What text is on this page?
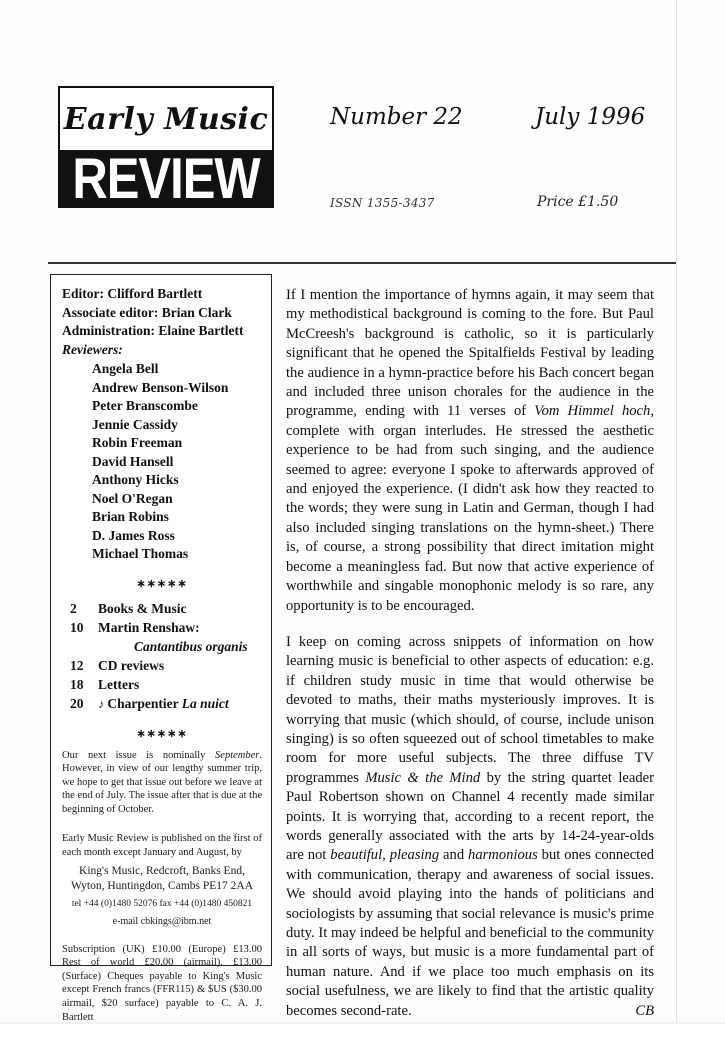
Early Music
REVIEW
Number 22	July 1996
ISSN 1355-3437	Price £1.50
Editor: Clifford Bartlett
Associate editor: Brian Clark
Administration: Elaine Bartlett
Reviewers:
Angela Bell
Andrew Benson-Wilson
Peter Branscombe
Jennie Cassidy
Robin Freeman
David Hansell
Anthony Hicks
Noel O'Regan
Brian Robins
D. James Ross
Michael Thomas
∗∗∗∗∗
2	Books & Music
10	Martin Renshaw:
Cantantibus organis
12	CD reviews
18	Letters
20	♪ Charpentier La nuict
∗∗∗∗∗
Our next issue is nominally September. However, in view of our lengthy summer trip, we hope to get that issue out before we leave at the end of July. The issue after that is due at the beginning of October.
Early Music Review is published on the first of each month except January and August, by
King's Music, Redcroft, Banks End, Wyton, Huntingdon, Cambs PE17 2AA
tel +44 (0)1480 52076 fax +44 (0)1480 450821
e-mail cbkings@ibm.net
Subscription (UK) £10.00 (Europe) £13.00 Rest of world £20.00 (airmail), £13.00 (Surface) Cheques payable to King's Music except French francs (FFR115) & $US ($30.00 airmail, $20 surface) payable to C. A. J. Bartlett

If I mention the importance of hymns again, it may seem that my methodistical background is coming to the fore. But Paul McCreesh's background is catholic, so it is particularly significant that he opened the Spitalfields Festival by leading the audience in a hymn-practice before his Bach concert began and included three unison chorales for the audience in the programme, ending with 11 verses of Vom Himmel hoch, complete with organ interludes. He stressed the aesthetic experience to be had from such singing, and the audience seemed to agree: everyone I spoke to afterwards approved of and enjoyed the experience. (I didn't ask how they reacted to the words; they were sung in Latin and German, though I had also included singing translations on the hymn-sheet.) There is, of course, a strong possibility that direct imitation might become a meaningless fad. But now that active experience of worthwhile and singable monophonic melody is so rare, any opportunity is to be encouraged.

I keep on coming across snippets of information on how learning music is beneficial to other aspects of education: e.g. if children study music in time that would otherwise be devoted to maths, their maths mysteriously improves. It is worrying that music (which should, of course, include unison singing) is so often squeezed out of school timetables to make room for more useful subjects. The three diffuse TV programmes Music & the Mind by the string quartet leader Paul Robertson shown on Channel 4 recently made similar points. It is worrying that, according to a recent report, the words generally associated with the arts by 14-24-year-olds are not beautiful, pleasing and harmonious but ones connected with communication, therapy and awareness of social issues. We should avoid playing into the hands of politicians and sociologists by assuming that social relevance is music's prime duty. It may indeed be helpful and beneficial to the community in all sorts of ways, but music is a more fundamental part of human nature. And if we place too much emphasis on its social usefulness, we are likely to find that the artistic quality becomes second-rate.	CB
